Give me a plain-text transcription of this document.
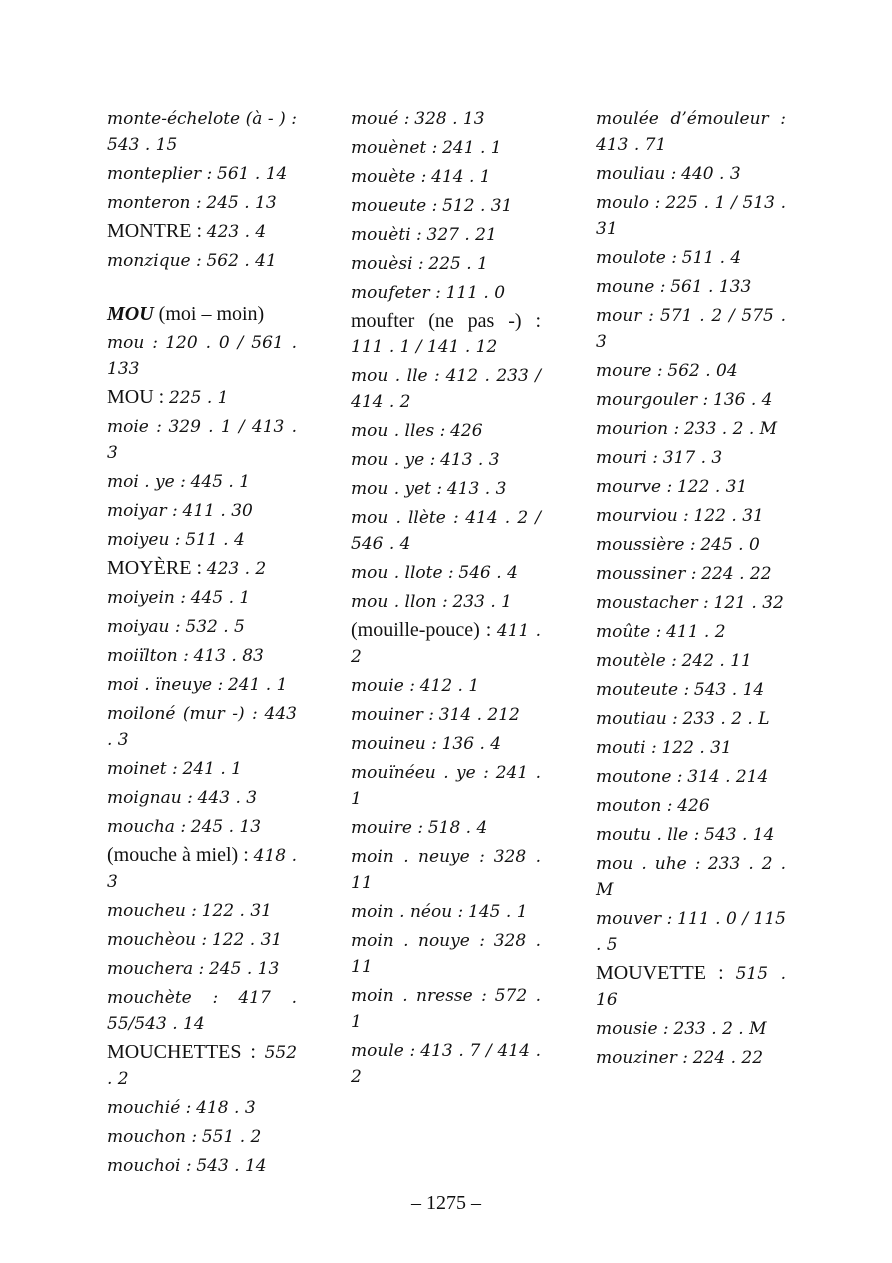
monte-échelote (à - ) : 543 . 15
monteplier : 561 . 14
monteron : 245 . 13
MONTRE : 423 . 4
monzique : 562 . 41
MOU (moi – moin)
mou : 120 . 0 / 561 . 133
MOU : 225 . 1
moie : 329 . 1 / 413 . 3
moi . ye : 445 . 1
moiyar : 411 . 30
moiyeu : 511 . 4
MOYÈRE : 423 . 2
moiyein : 445 . 1
moiyau : 532 . 5
moiïlton : 413 . 83
moi . ïneuye : 241 . 1
moiloné (mur -) : 443 . 3
moinet : 241 . 1
moignau : 443 . 3
moucha : 245 . 13
(mouche à miel) : 418 . 3
moucheu : 122 . 31
mouchèou : 122 . 31
mouchera : 245 . 13
mouchète : 417 . 55/543 . 14
MOUCHETTES : 552 . 2
mouchié : 418 . 3
mouchon : 551 . 2
mouchoi : 543 . 14
moué : 328 . 13
mouènet : 241 . 1
mouète : 414 . 1
moueute : 512 . 31
mouèti : 327 . 21
mouèsi : 225 . 1
moufeter : 111 . 0
moufter (ne pas -) : 111 . 1 / 141 . 12
mou . lle : 412 . 233 / 414 . 2
mou . lles : 426
mou . ye : 413 . 3
mou . yet : 413 . 3
mou . llète : 414 . 2 / 546 . 4
mou . llote : 546 . 4
mou . llon : 233 . 1
(mouille-pouce) : 411 . 2
mouie : 412 . 1
mouiner : 314 . 212
mouineu : 136 . 4
mouïnéeu . ye : 241 . 1
mouire : 518 . 4
moin . neuye : 328 . 11
moin . néou : 145 . 1
moin . nouye : 328 . 11
moin . nresse : 572 . 1
moule : 413 . 7 / 414 . 2
moulée d’émouleur : 413 . 71
mouliau : 440 . 3
moulo : 225 . 1 / 513 . 31
moulote : 511 . 4
moune : 561 . 133
mour : 571 . 2 / 575 . 3
moure : 562 . 04
mourgouler : 136 . 4
mourion : 233 . 2 . M
mouri : 317 . 3
mourve : 122 . 31
mourviou : 122 . 31
moussière : 245 . 0
moussiner : 224 . 22
moustacher : 121 . 32
moûte : 411 . 2
moutèle : 242 . 11
mouteute : 543 . 14
moutiau : 233 . 2 . L
mouti : 122 . 31
moutone : 314 . 214
mouton : 426
moutu . lle : 543 . 14
mou . uhe : 233 . 2 . M
mouver : 111 . 0 / 115 . 5
MOUVETTE : 515 . 16
mousie : 233 . 2 . M
mouziner : 224 . 22
– 1275 –
